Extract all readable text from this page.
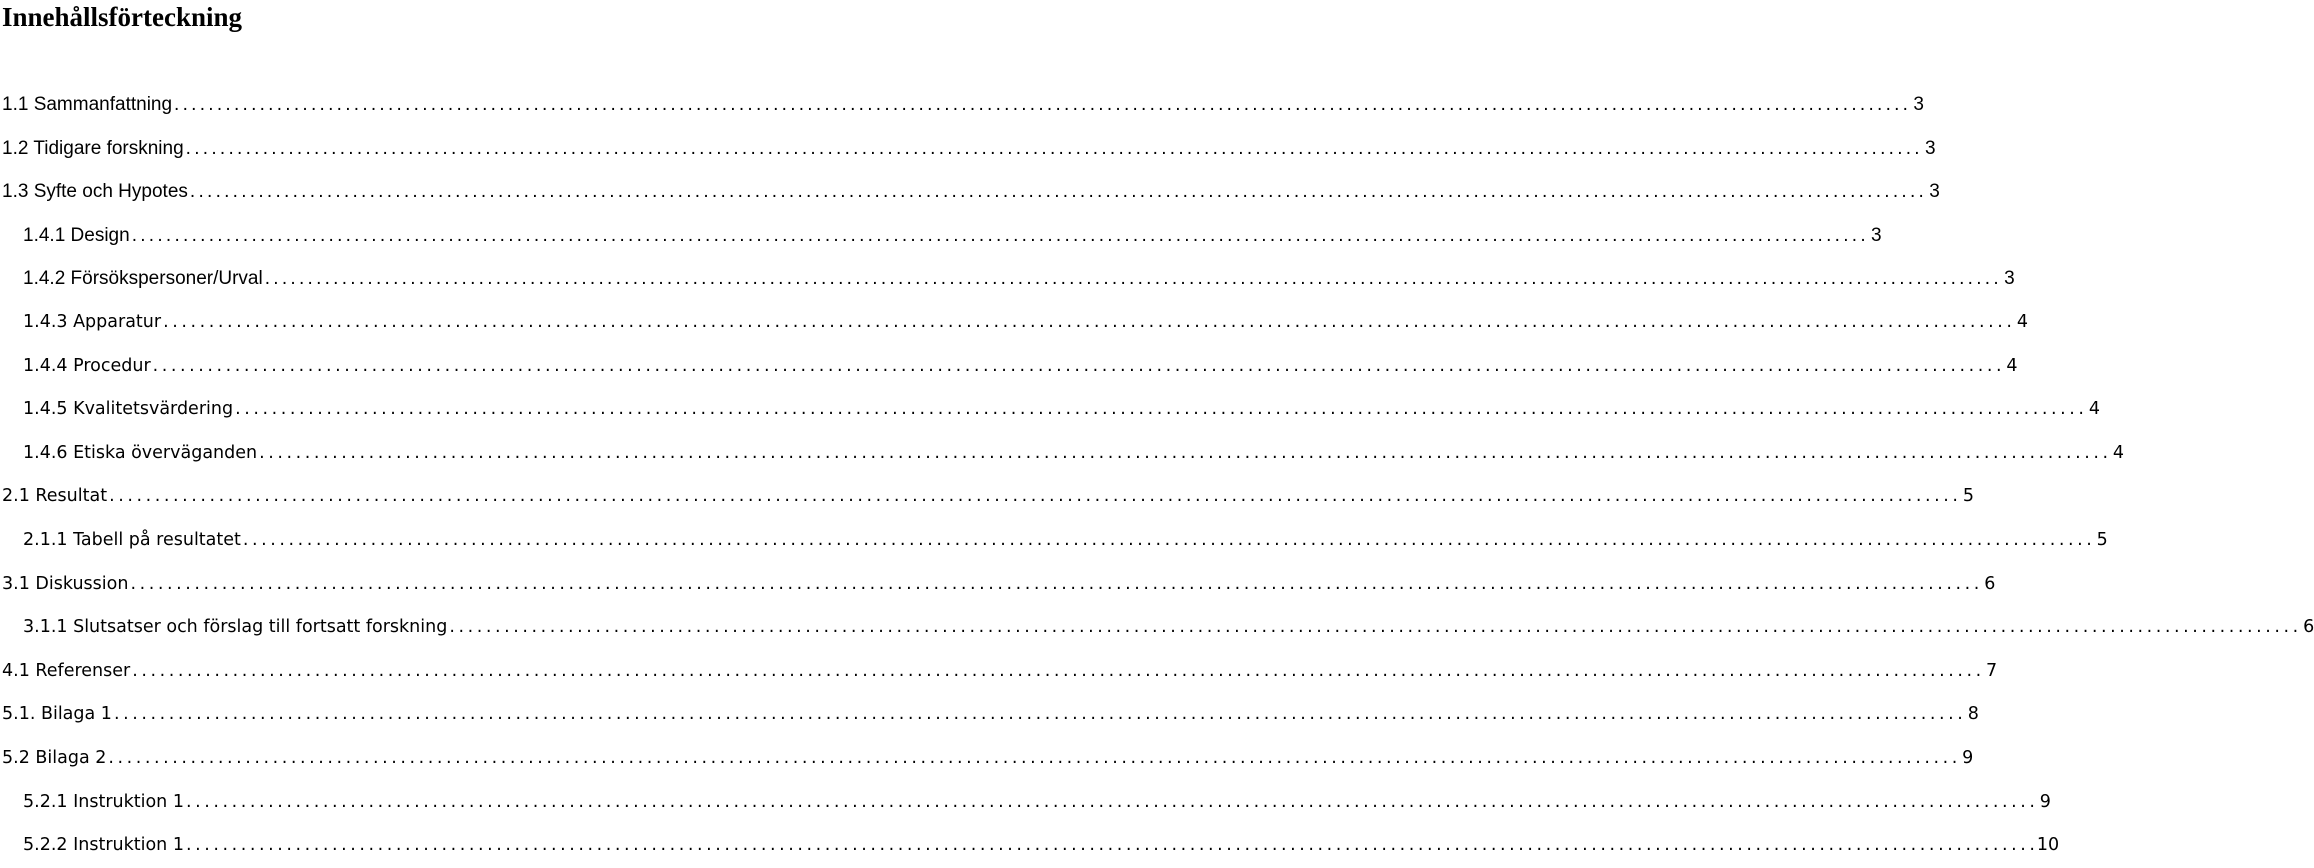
Innehållsförteckning
1.1 Sammanfattning . . .	3
1.2 Tidigare forskning . . .	3
1.3 Syfte och Hypotes . . .	3
1.4.1 Design . . .	3
1.4.2 Försökspersoner/Urval . . .	3
1.4.3 Apparatur . . .	4
1.4.4 Procedur . . .	4
1.4.5 Kvalitetsvärdering . . .	4
1.4.6 Etiska överväganden . . .	4
2.1 Resultat . . .	5
2.1.1 Tabell på resultatet . . .	5
3.1 Diskussion . . .	6
3.1.1 Slutsatser och förslag till fortsatt forskning . . .	6
4.1 Referenser . . .	7
5.1. Bilaga 1 . . .	8
5.2 Bilaga 2 . . .	9
5.2.1 Instruktion 1 . . .	9
5.2.2 Instruktion 1 . . .	10
